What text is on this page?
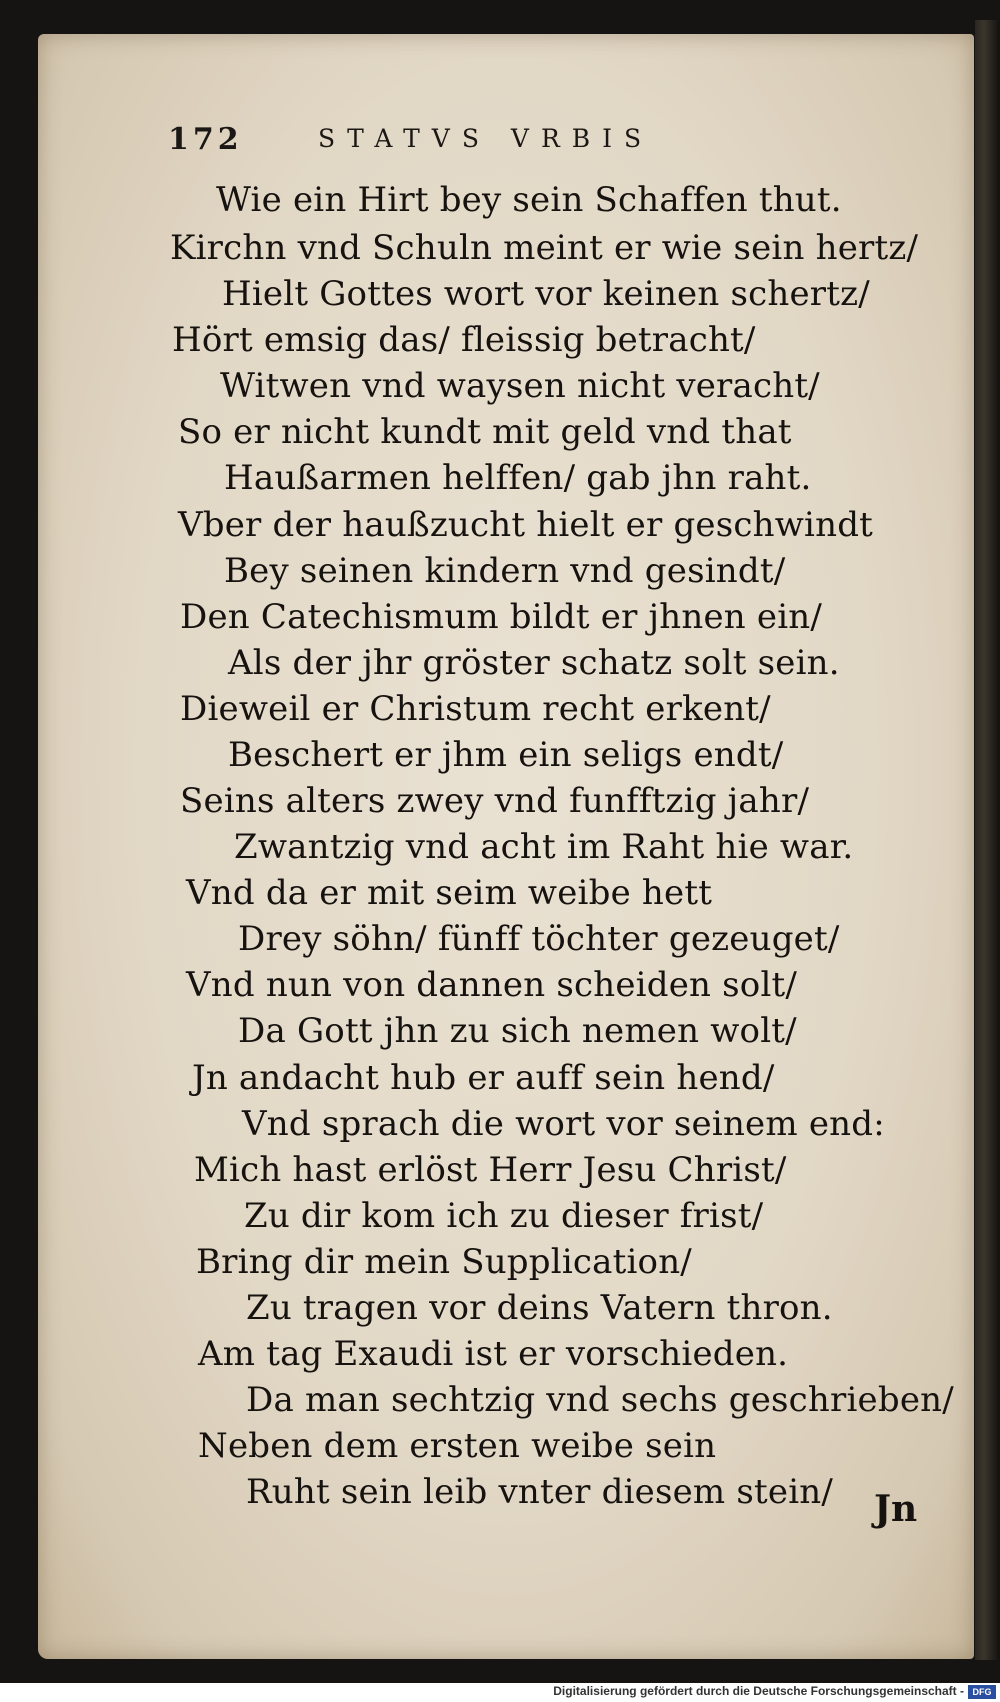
172	STATVS VRBIS
Wie ein Hirt bey sein Schaffen thut.
Kirchn vnd Schuln meint er wie sein hertz/
Hielt Gottes wort vor keinen schertz/
Hört emsig das/ fleissig betracht/
Witwen vnd waysen nicht veracht/
So er nicht kundt mit geld vnd that
Haußarmen helffen/ gab jhn raht.
Vber der haußzucht hielt er geschwindt
Bey seinen kindern vnd gesindt/
Den Catechismum bildt er jhnen ein/
Als der jhr gröster schatz solt sein.
Dieweil er Christum recht erkent/
Beschert er jhm ein seligs endt/
Seins alters zwey vnd funfftzig jahr/
Zwantzig vnd acht im Raht hie war.
Vnd da er mit seim weibe hett
Drey söhn/ fünff töchter gezeuget/
Vnd nun von dannen scheiden solt/
Da Gott jhn zu sich nemen wolt/
Jn andacht hub er auff sein hend/
Vnd sprach die wort vor seinem end:
Mich hast erlöst Herr Jesu Christ/
Zu dir kom ich zu dieser frist/
Bring dir mein Supplication/
Zu tragen vor deins Vatern thron.
Am tag Exaudi ist er vorschieden.
Da man sechtzig vnd sechs geschrieben/
Neben dem ersten weibe sein
Ruht sein leib vnter diesem stein/ Jn
Digitalisierung gefördert durch die Deutsche Forschungsgemeinschaft - DFG
